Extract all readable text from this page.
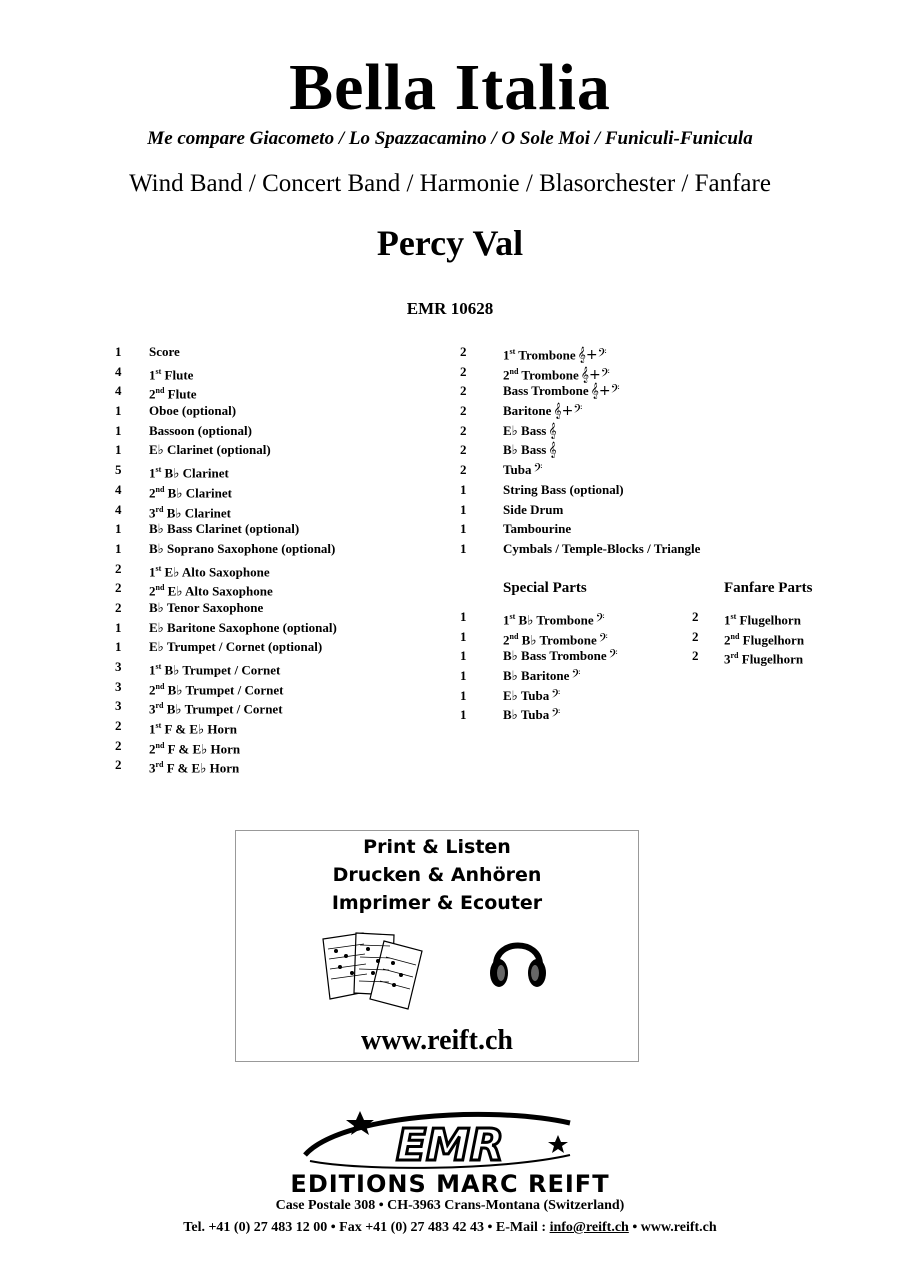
Bella Italia
Me compare Giacometo / Lo Spazzacamino / O Sole Moi / Funiculi-Funicula
Wind Band / Concert Band / Harmonie / Blasorchester / Fanfare
Percy Val
EMR 10628
1	Score
4	1st Flute
4	2nd Flute
1	Oboe (optional)
1	Bassoon (optional)
1	E♭ Clarinet (optional)
5	1st B♭ Clarinet
4	2nd B♭ Clarinet
4	3rd B♭ Clarinet
1	B♭ Bass Clarinet (optional)
1	B♭ Soprano Saxophone (optional)
2	1st E♭ Alto Saxophone
2	2nd E♭ Alto Saxophone
2	B♭ Tenor Saxophone
1	E♭ Baritone Saxophone (optional)
1	E♭ Trumpet / Cornet (optional)
3	1st B♭ Trumpet / Cornet
3	2nd B♭ Trumpet / Cornet
3	3rd B♭ Trumpet / Cornet
2	1st F & E♭ Horn
2	2nd F & E♭ Horn
2	3rd F & E♭ Horn
2	1st Trombone 𝄞+𝄢
2	2nd Trombone 𝄞+𝄢
2	Bass Trombone 𝄞+𝄢
2	Baritone 𝄞+𝄢
2	E♭ Bass 𝄞
2	B♭ Bass 𝄞
2	Tuba 𝄢
1	String Bass (optional)
1	Side Drum
1	Tambourine
1	Cymbals / Temple-Blocks / Triangle
Special Parts	Fanfare Parts
1	1st B♭ Trombone 𝄢
1	2nd B♭ Trombone 𝄢
1	B♭ Bass Trombone 𝄢
1	B♭ Baritone 𝄢
1	E♭ Tuba 𝄢
1	B♭ Tuba 𝄢
2	1st Flugelhorn
2	2nd Flugelhorn
2	3rd Flugelhorn
Print & Listen
Drucken & Anhören
Imprimer & Ecouter
www.reift.ch
EMR
EDITIONS MARC REIFT
Case Postale 308 • CH-3963 Crans-Montana (Switzerland)
Tel. +41 (0) 27 483 12 00 • Fax +41 (0) 27 483 42 43 • E-Mail : info@reift.ch • www.reift.ch
